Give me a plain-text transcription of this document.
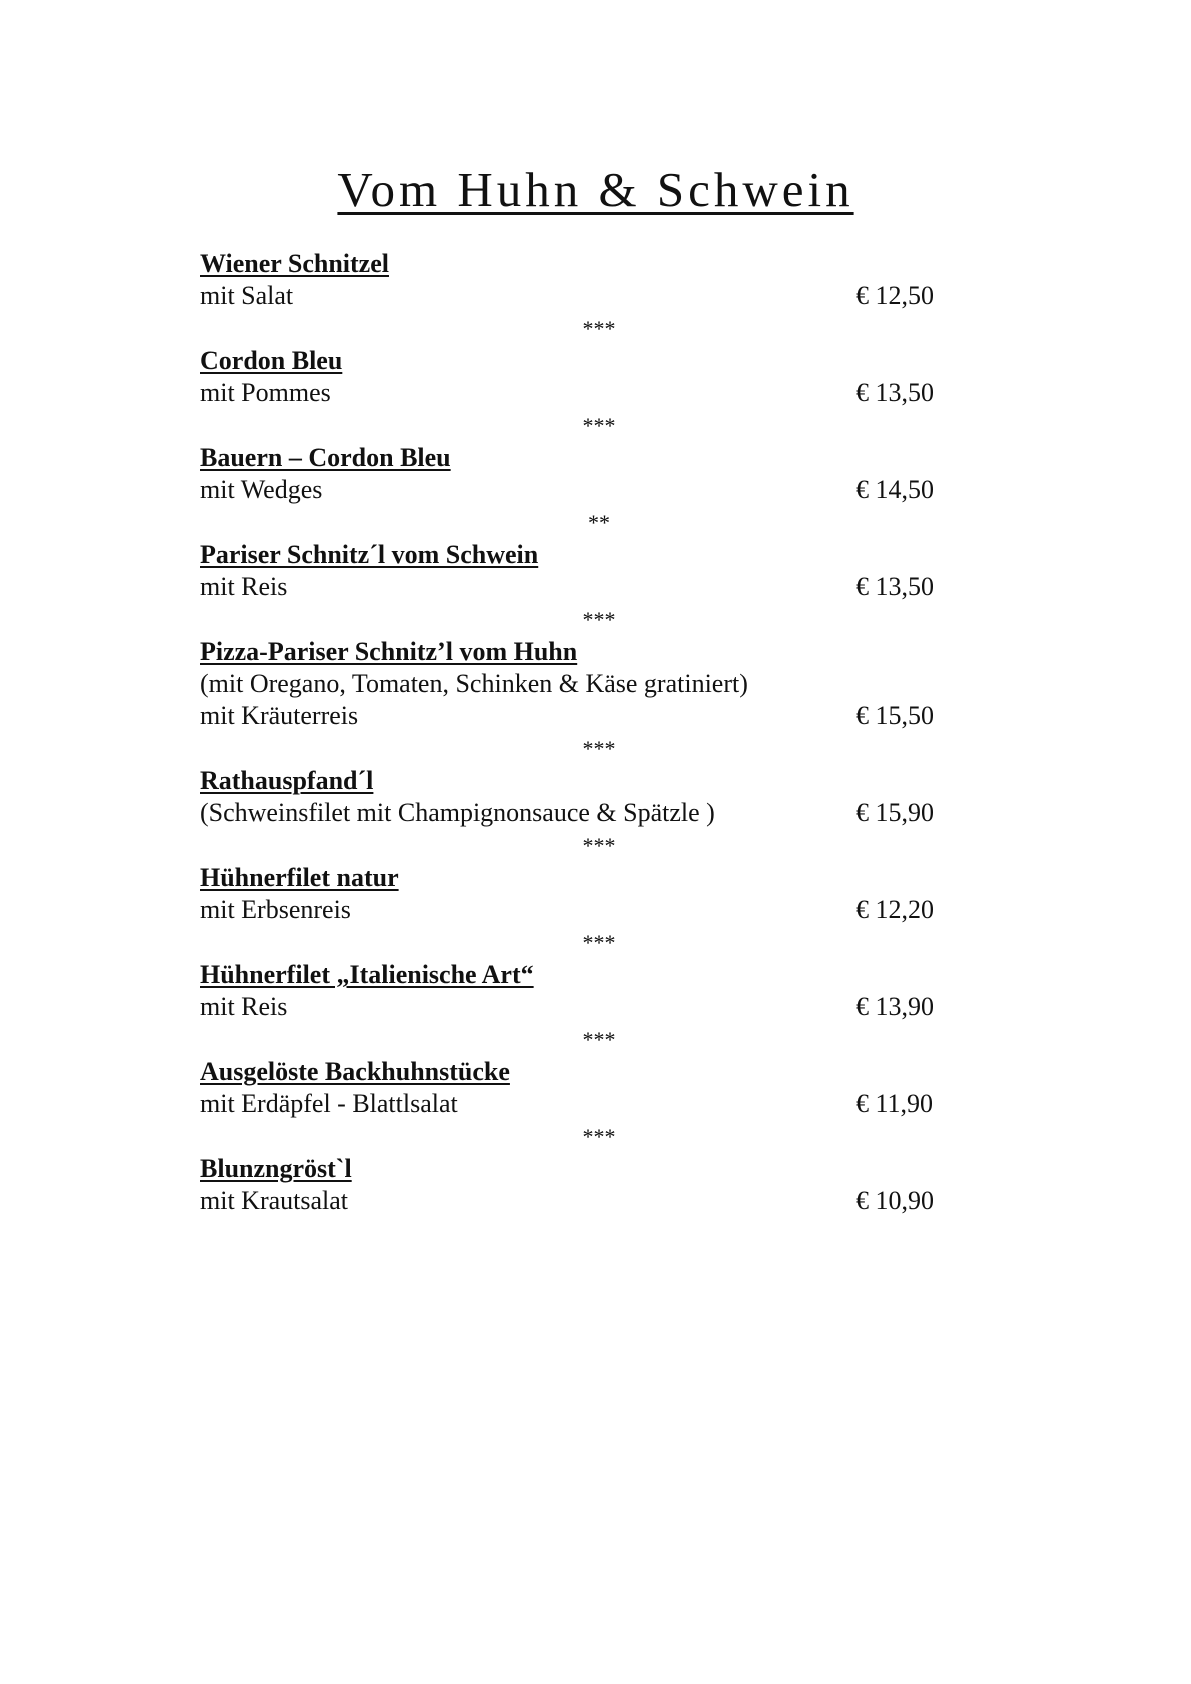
Vom Huhn & Schwein
Wiener Schnitzel
mit Salat	€ 12,50
***
Cordon Bleu
mit Pommes	€ 13,50
***
Bauern – Cordon Bleu
mit Wedges	€ 14,50
**
Pariser Schnitz´l vom Schwein
mit Reis	€ 13,50
***
Pizza-Pariser Schnitz’l vom Huhn
(mit Oregano, Tomaten, Schinken & Käse gratiniert)
mit Kräuterreis	€ 15,50
***
Rathauspfand´l
(Schweinsfilet mit Champignonsauce & Spätzle )	€ 15,90
***
Hühnerfilet natur
mit Erbsenreis	€ 12,20
***
Hühnerfilet „Italienische Art“
mit Reis	€ 13,90
***
Ausgelöste Backhuhnstücke
mit Erdäpfel - Blattlsalat	€ 11,90
***
Blunzngröst`l
mit Krautsalat	€ 10,90
